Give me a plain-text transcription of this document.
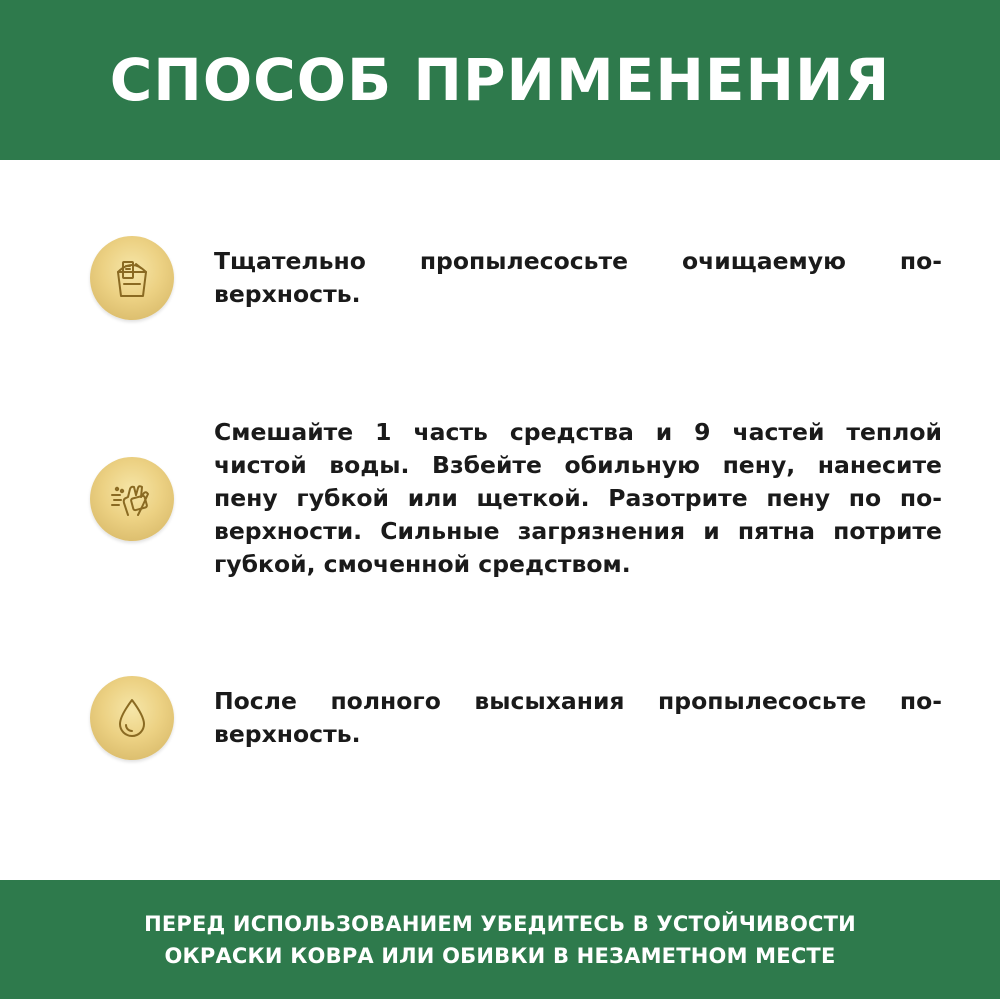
СПОСОБ ПРИМЕНЕНИЯ

Тщательно пропылесосьте очищаемую по- верхность.

Смешайте 1 часть средства и 9 частей теплой чистой воды. Взбейте обильную пену, нанесите пену губкой или щеткой. Разотрите пену по по- верхности. Сильные загрязнения и пятна потрите губкой, смоченной средством.

После полного высыхания пропылесосьте по- верхность.

ПЕРЕД ИСПОЛЬЗОВАНИЕМ УБЕДИТЕСЬ В УСТОЙЧИВОСТИ

ОКРАСКИ КОВРА ИЛИ ОБИВКИ В НЕЗАМЕТНОМ МЕСТЕ
